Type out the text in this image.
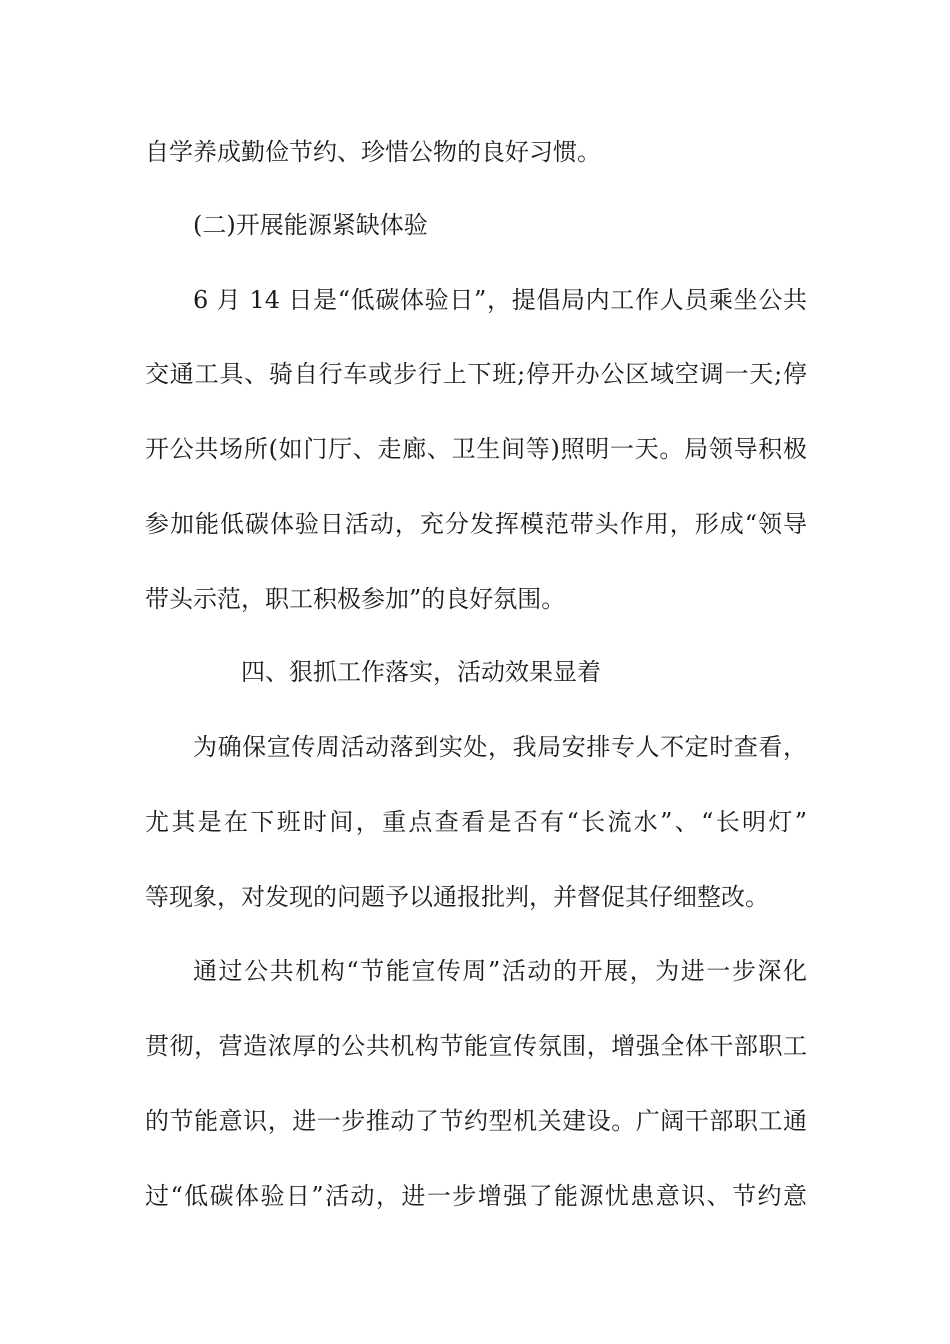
自学养成勤俭节约、珍惜公物的良好习惯。
(二)开展能源紧缺体验
6 月 14 日是“低碳体验日”，提倡局内工作人员乘坐公共
交通工具、骑自行车或步行上下班;停开办公区域空调一天;停
开公共场所(如门厅、走廊、卫生间等)照明一天。局领导积极
参加能低碳体验日活动，充分发挥模范带头作用，形成“领导
带头示范，职工积极参加”的良好氛围。
四、狠抓工作落实，活动效果显着
为确保宣传周活动落到实处，我局安排专人不定时查看，
尤其是在下班时间，重点查看是否有“长流水”、“长明灯”
等现象，对发现的问题予以通报批判，并督促其仔细整改。
通过公共机构“节能宣传周”活动的开展，为进一步深化
贯彻，营造浓厚的公共机构节能宣传氛围，增强全体干部职工
的节能意识，进一步推动了节约型机关建设。广阔干部职工通
过“低碳体验日”活动，进一步增强了能源忧患意识、节约意
